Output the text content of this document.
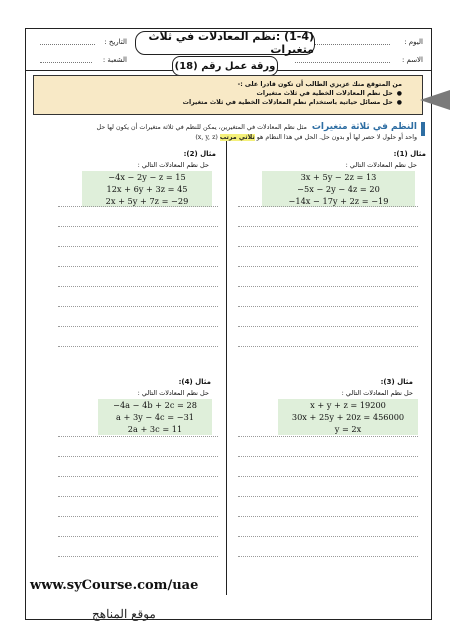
اليوم :
التاريخ :
الاسم :
الشعبة :
(1-4) :نظم المعادلات في ثلاث متغيرات
ورقة عمل رقم (18)
من المتوقع منك عزيزي الطالب أن تكون قادرا على :-
● حل نظم المعادلات الخطية في ثلاث متغيرات
● حل مسائل حياتية باستخدام نظم المعادلات الخطية في ثلاث متغيرات
النظم في ثلاثة متغيرات مثل نظم المعادلات في المتغيرين، يمكن للنظم في ثلاثة متغيرات أن يكون لها حل
واحد أو حلول لا حصر لها أو بدون حل. الحل في هذا النظام هو ثلاثي مرتب (x, y, z)
مثال (1):
حل نظم المعادلات التالي :
3x + 5y − 2z = 13
−5x − 2y − 4z = 20
−14x − 17y + 2z = −19
مثال (2):
حل نظم المعادلات التالي :
−4x − 2y − z = 15
12x + 6y + 3z = 45
2x + 5y + 7z = −29
مثال (3):
حل نظم المعادلات التالي :
x + y + z = 19200
30x + 25y + 20z = 456000
y = 2x
مثال (4):
حل نظم المعادلات التالي :
−4a − 4b + 2c = 28
a + 3y − 4c = −31
2a + 3c = 11
www.syCourse.com/uae
موقع المناهج
